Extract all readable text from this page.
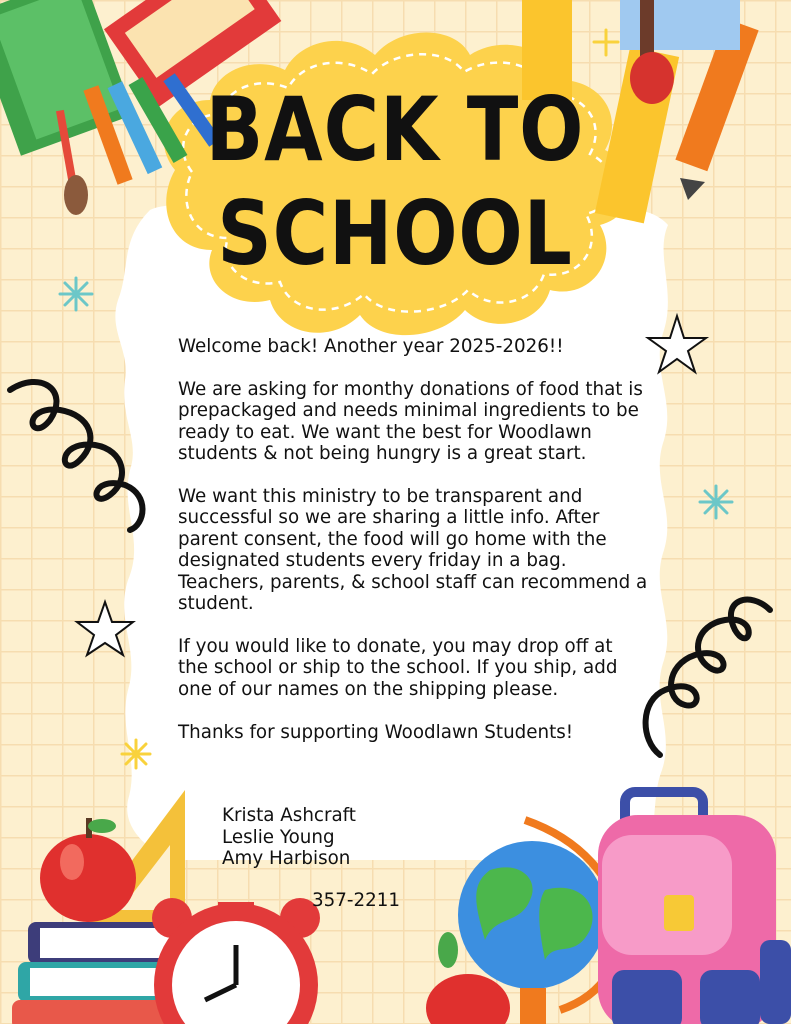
BACK TO
SCHOOL

Welcome back! Another year 2025-2026!!

We are asking for monthy donations of food that is prepackaged and needs minimal ingredients to be ready to eat. We want the best for Woodlawn students & not being hungry is a great start.

We want this ministry to be transparent and successful so we are sharing a little info. After parent consent, the food will go home with the designated students every friday in a bag. Teachers, parents, & school staff can recommend a student.

If you would like to donate, you may drop off at the school or ship to the school. If you ship, add one of our names on the shipping please.

Thanks for supporting Woodlawn Students!

Krista Ashcraft
Leslie Young
Amy Harbison
357-2211
